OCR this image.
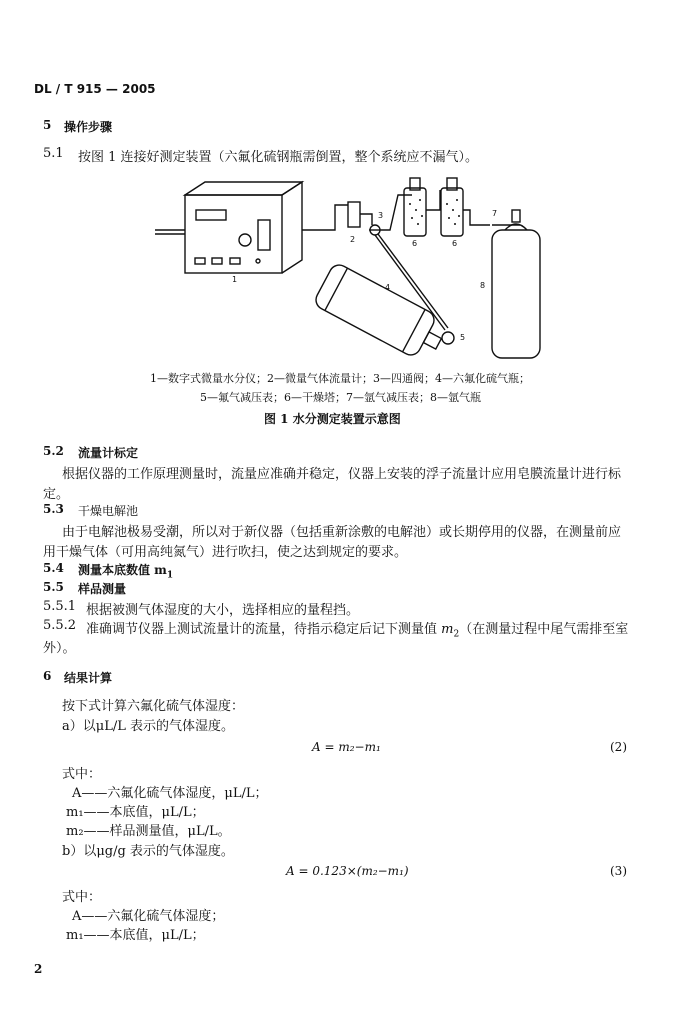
DL / T 915 — 2005
5 操作步骤
5.1 按图 1 连接好测定装置（六氟化硫钢瓶需倒置，整个系统应不漏气）。
1
2
3
4
5
6	6
7
8
1—数字式微量水分仪；2—微量气体流量计；3—四通阀；4—六氟化硫气瓶；
5—氟气减压表；6—干燥塔；7—氩气减压表；8—氩气瓶
图 1 水分测定装置示意图
5.2 流量计标定
根据仪器的工作原理测量时，流量应准确并稳定，仪器上安装的浮子流量计应用皂膜流量计进行标
定。
5.3 干燥电解池
由于电解池极易受潮，所以对于新仪器（包括重新涂敷的电解池）或长期停用的仪器，在测量前应
用干燥气体（可用高纯氮气）进行吹扫，使之达到规定的要求。
5.4 测量本底数值 $m_1$
5.5 样品测量
5.5.1 根据被测气体湿度的大小，选择相应的量程挡。
5.5.2 准确调节仪器上测试流量计的流量，待指示稳定后记下测量值 $m_2$（在测量过程中尾气需排至室
外）。
6 结果计算
按下式计算六氟化硫气体湿度：
a）以μL/L 表示的气体湿度。
A = m₂−m₁	(2)
式中：
A——六氟化硫气体湿度，μL/L；
m₁——本底值，μL/L；
m₂——样品测量值，μL/L。
b）以μg/g 表示的气体湿度。
A = 0.123×(m₂−m₁)	(3)
式中：
A——六氟化硫气体湿度；
m₁——本底值，μL/L；
2
